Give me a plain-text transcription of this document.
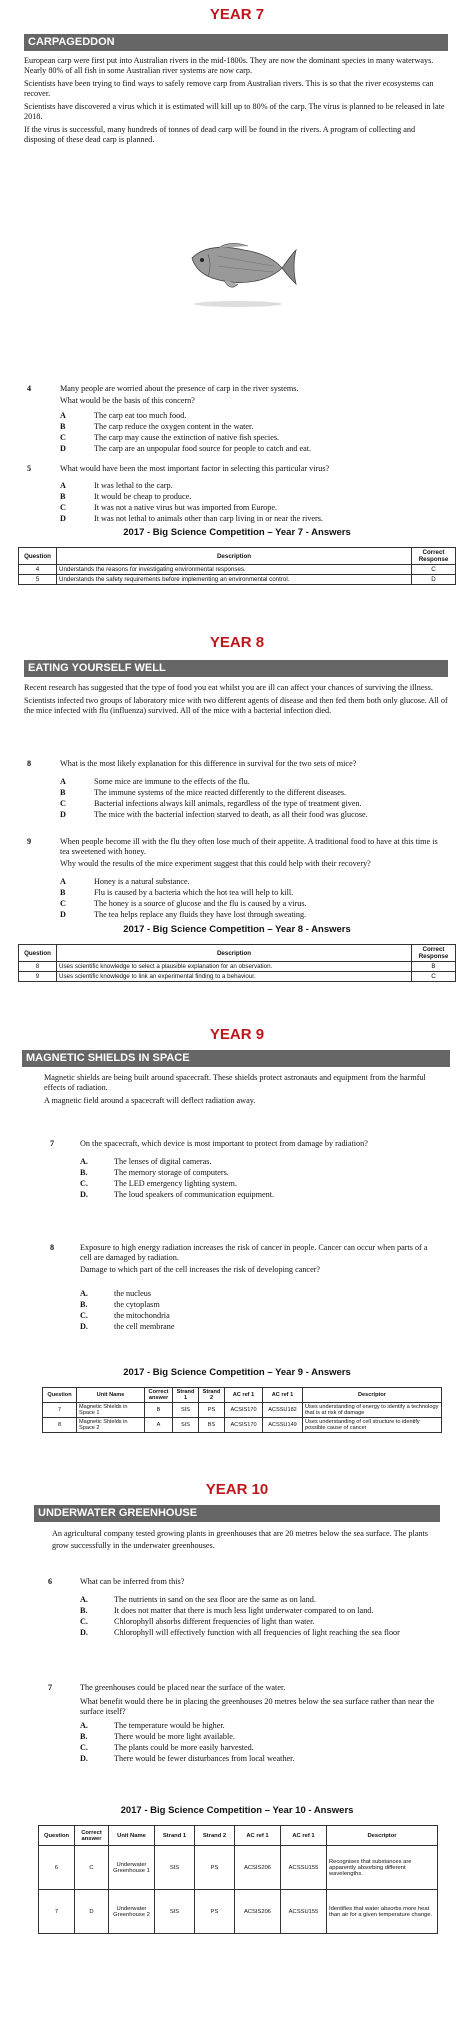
YEAR 7
CARPAGEDDON

European carp were first put into Australian rivers in the mid-1800s. They are now the dominant species in many waterways. Nearly 80% of all fish in some Australian river systems are now carp.

Scientists have been trying to find ways to safely remove carp from Australian rivers. This is so that the river ecosystems can recover.

Scientists have discovered a virus which it is estimated will kill up to 80% of the carp. The virus is planned to be released in late 2018.

If the virus is successful, many hundreds of tonnes of dead carp will be found in the rivers. A program of collecting and disposing of these dead carp is planned.

4	Many people are worried about the presence of carp in the river systems.
What would be the basis of this concern?
A	The carp eat too much food.
B	The carp reduce the oxygen content in the water.
C	The carp may cause the extinction of native fish species.
D	The carp are an unpopular food source for people to catch and eat.
5	What would have been the most important factor in selecting this particular virus?
A	It was lethal to the carp.
B	It would be cheap to produce.
C	It was not a native virus but was imported from Europe.
D	It was not lethal to animals other than carp living in or near the rivers.
2017 - Big Science Competition – Year 7 - Answers
Question	Description	Correct Response
4	Understands the reasons for investigating environmental responses.	C
5	Understands the safety requirements before implementing an environmental control.	D
YEAR 8
EATING YOURSELF WELL

Recent research has suggested that the type of food you eat whilst you are ill can affect your chances of surviving the illness.

Scientists infected two groups of laboratory mice with two different agents of disease and then fed them both only glucose. All of the mice infected with flu (influenza) survived. All of the mice with a bacterial infection died.

8	What is the most likely explanation for this difference in survival for the two sets of mice?
A	Some mice are immune to the effects of the flu.
B	The immune systems of the mice reacted differently to the different diseases.
C	Bacterial infections always kill animals, regardless of the type of treatment given.
D	The mice with the bacterial infection starved to death, as all their food was glucose.
9	When people become ill with the flu they often lose much of their appetite. A traditional food to have at this time is tea sweetened with honey.
Why would the results of the mice experiment suggest that this could help with their recovery?
A	Honey is a natural substance.
B	Flu is caused by a bacteria which the hot tea will help to kill.
C	The honey is a source of glucose and the flu is caused by a virus.
D	The tea helps replace any fluids they have lost through sweating.
2017 - Big Science Competition – Year 8 - Answers
Question	Description	Correct Response
8	Uses scientific knowledge to select a plausible explanation for an observation.	B
9	Uses scientific knowledge to link an experimental finding to a behaviour.	C
YEAR 9
MAGNETIC SHIELDS IN SPACE

Magnetic shields are being built around spacecraft. These shields protect astronauts and equipment from the harmful effects of radiation.

A magnetic field around a spacecraft will deflect radiation away.

7	On the spacecraft, which device is most important to protect from damage by radiation?
A.	The lenses of digital cameras.
B.	The memory storage of computers.
C.	The LED emergency lighting system.
D.	The loud speakers of communication equipment.
8	Exposure to high energy radiation increases the risk of cancer in people. Cancer can occur when parts of a cell are damaged by radiation.
Damage to which part of the cell increases the risk of developing cancer?
A.	the nucleus
B.	the cytoplasm
C.	the mitochondria
D.	the cell membrane
2017 - Big Science Competition – Year 9 - Answers
Question	Unit Name	Correct answer	Strand 1	Strand 2	AC ref 1	AC ref 1	Descriptor
7	Magnetic Shields in Space 1	B	SIS	PS	ACSIS170	ACSSU182	Uses understanding of energy to identify a technology that is at risk of damage
8	Magnetic Shields in Space 2	A	SIS	BS	ACSIS170	ACSSU149	Uses understanding of cell structure to identify possible cause of cancer
YEAR 10
UNDERWATER GREENHOUSE

An agricultural company tested growing plants in greenhouses that are 20 metres below the sea surface. The plants grow successfully in the underwater greenhouses.

6	What can be inferred from this?
A.	The nutrients in sand on the sea floor are the same as on land.
B.	It does not matter that there is much less light underwater compared to on land.
C.	Chlorophyll absorbs different frequencies of light than water.
D.	Chlorophyll will effectively function with all frequencies of light reaching the sea floor
7	The greenhouses could be placed near the surface of the water.
What benefit would there be in placing the greenhouses 20 metres below the sea surface rather than near the surface itself?
A.	The temperature would be higher.
B.	There would be more light available.
C.	The plants could be more easily harvested.
D.	There would be fewer disturbances from local weather.
2017 - Big Science Competition – Year 10 - Answers
Question	Correct answer	Unit Name	Strand 1	Strand 2	AC ref 1	AC ref 1	Descriptor
6	C	Underwater Greenhouse 1	SIS	PS	ACSIS206	ACSSU155	Recognises that substances are apparently absorbing different wavelengths.
7	D	Underwater Greenhouse 2	SIS	PS	ACSIS206	ACSSU155	Identifies that water absorbs more heat than air for a given temperature change.
